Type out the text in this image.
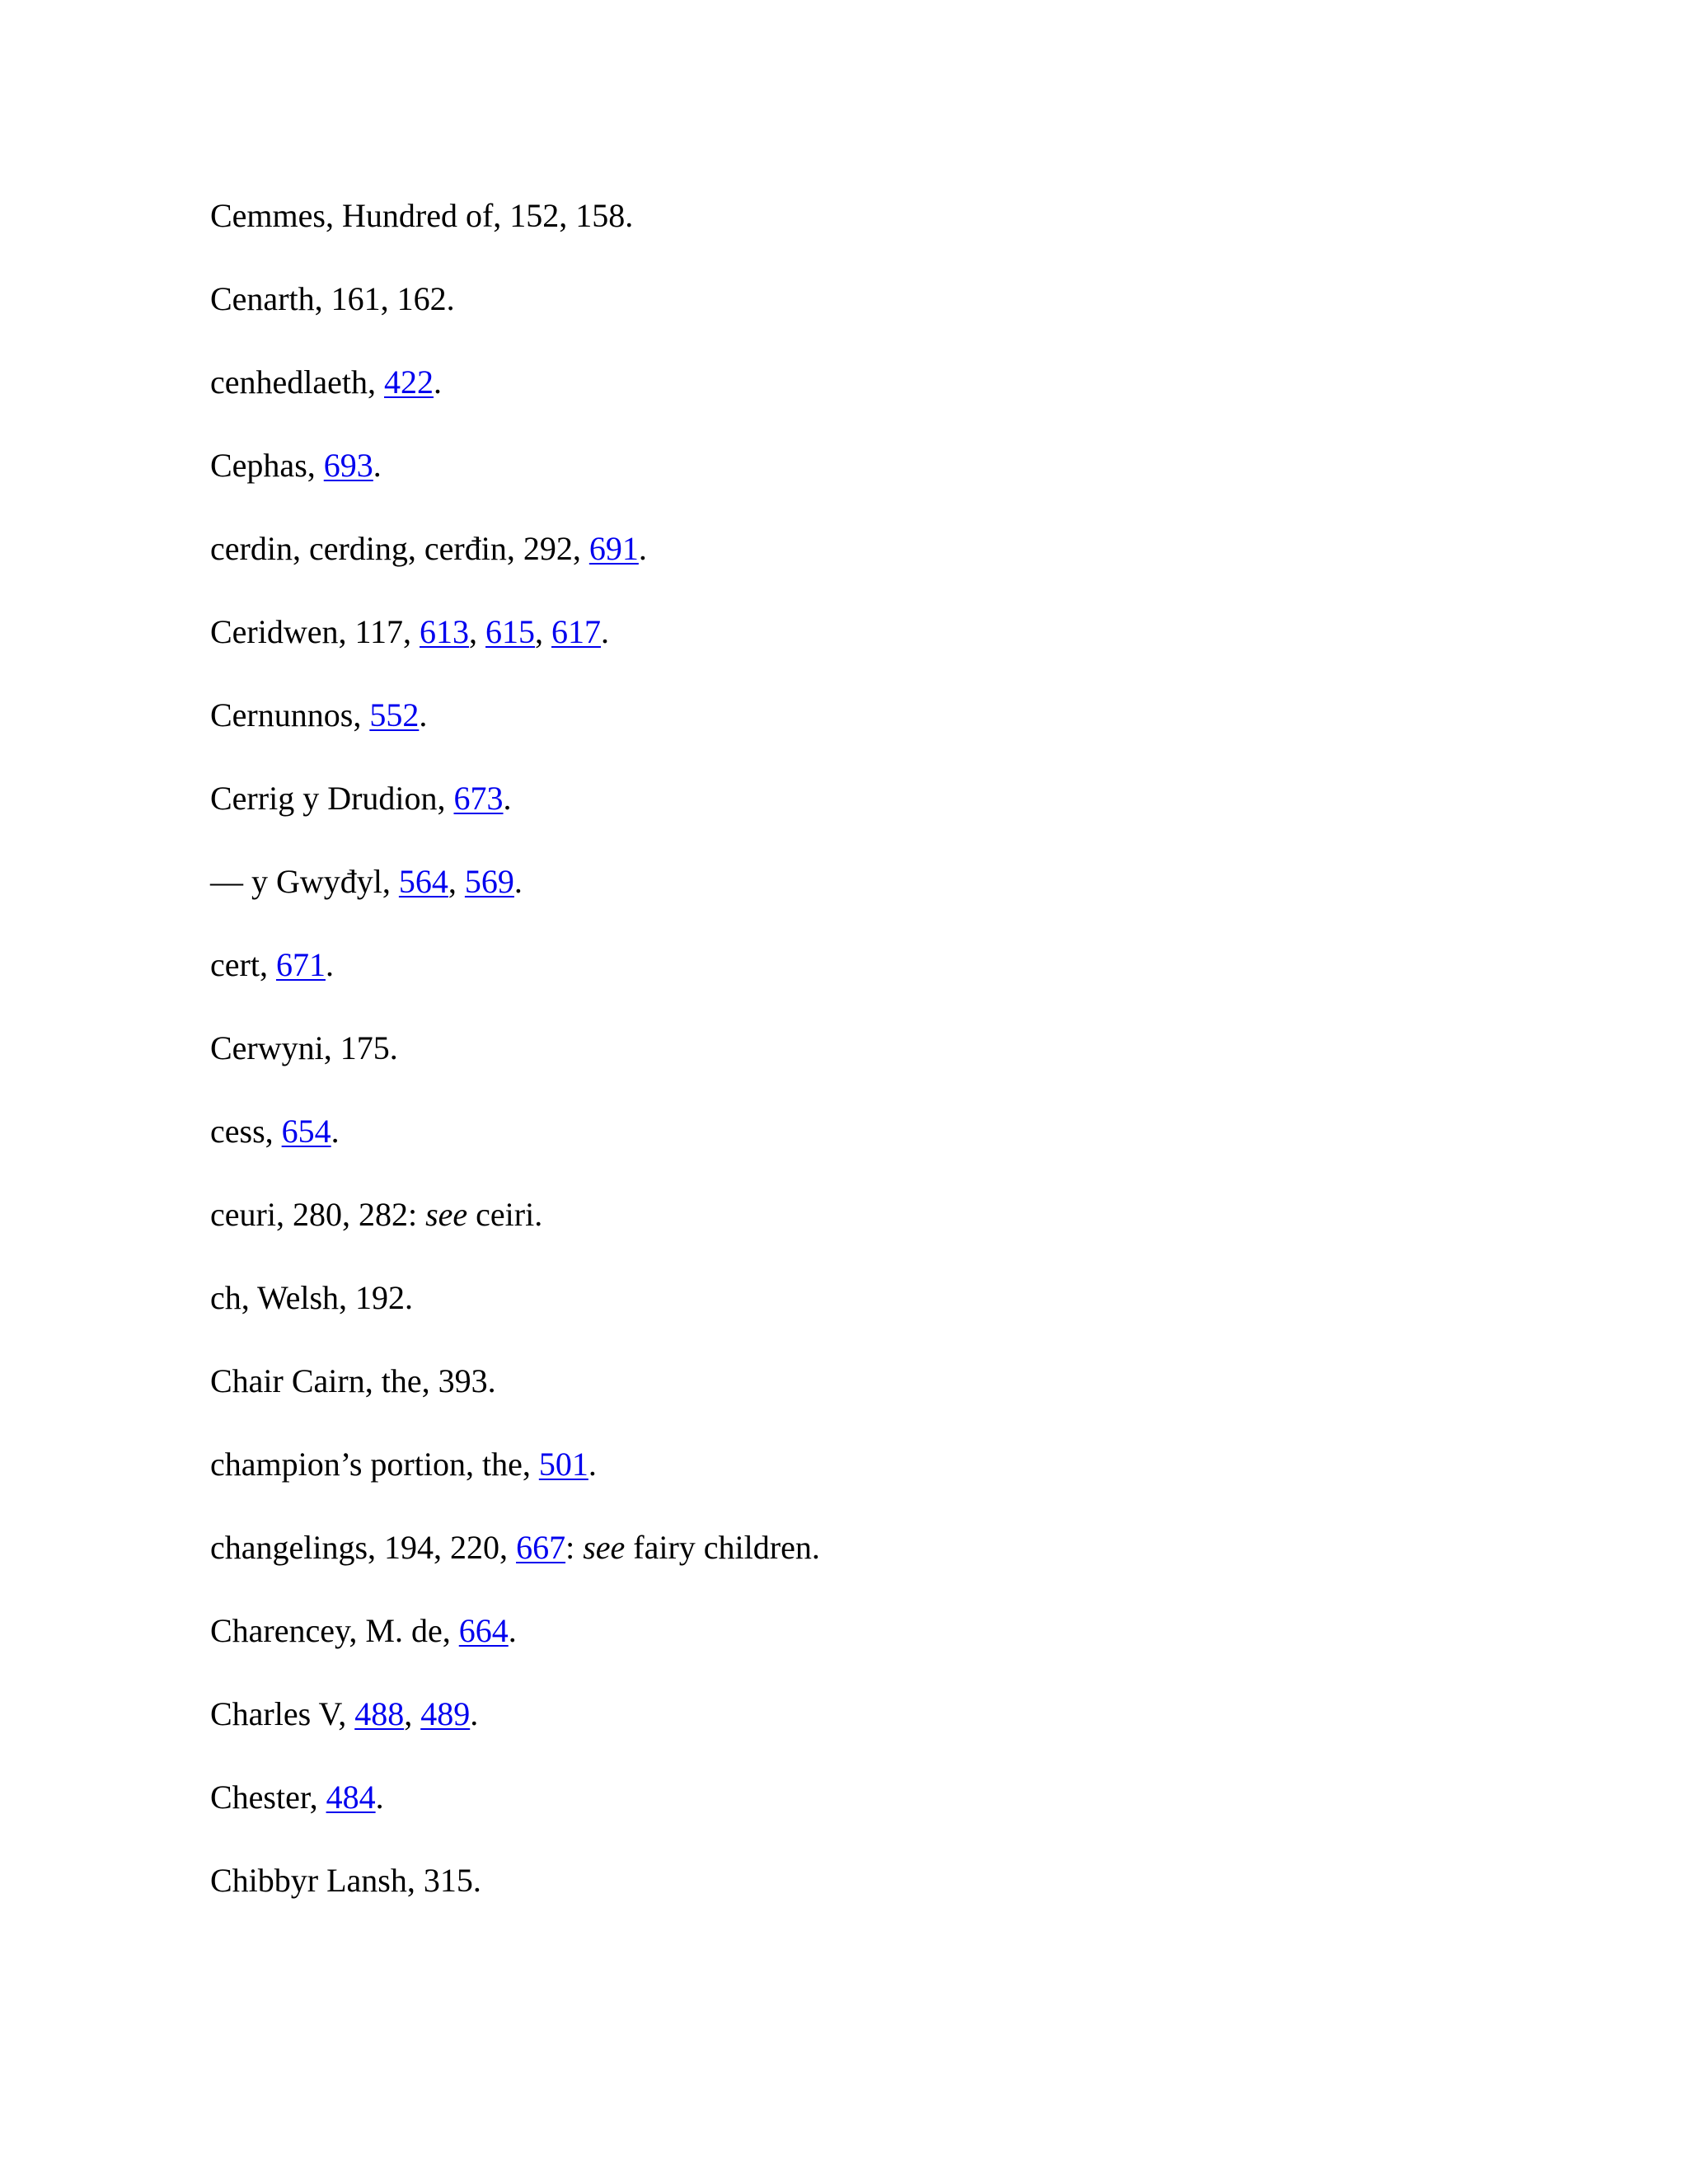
Cemmes, Hundred of, 152, 158.
Cenarth, 161, 162.
cenhedlaeth, 422.
Cephas, 693.
cerdin, cerding, cerđin, 292, 691.
Ceridwen, 117, 613, 615, 617.
Cernunnos, 552.
Cerrig y Drudion, 673.
— y Gwyđyl, 564, 569.
cert, 671.
Cerwyni, 175.
cess, 654.
ceuri, 280, 282: see ceiri.
ch, Welsh, 192.
Chair Cairn, the, 393.
champion’s portion, the, 501.
changelings, 194, 220, 667: see fairy children.
Charencey, M. de, 664.
Charles V, 488, 489.
Chester, 484.
Chibbyr Lansh, 315.
